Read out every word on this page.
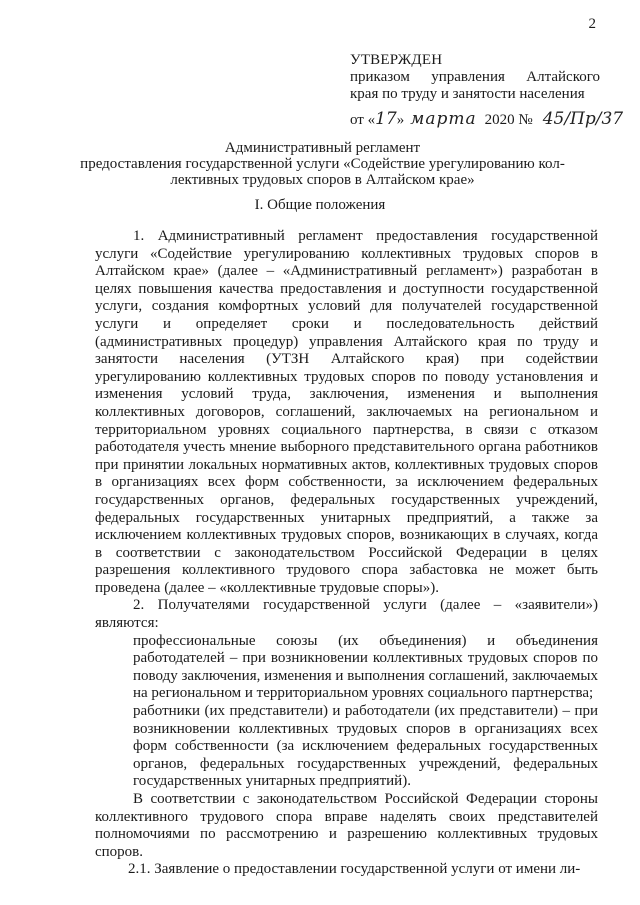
2
УТВЕРЖДЕН
приказом управления Алтайского
края по труду и занятости населения
от « 17 » марта 2020 № 45/Пр/37
Административный регламент
предоставления государственной услуги «Содействие урегулированию кол-
лективных трудовых споров в Алтайском крае»
I. Общие положения

1. Административный регламент предоставления государственной услуги «Содействие урегулированию коллективных трудовых споров в Алтайском крае» (далее – «Административный регламент») разработан в целях повышения качества предоставления и доступности государственной услуги, создания комфортных условий для получателей государственной услуги и определяет сроки и последовательность действий (административных процедур) управления Алтайского края по труду и занятости населения (УТЗН Алтайского края) при содействии урегулированию коллективных трудовых споров по поводу установления и изменения условий труда, заключения, изменения и выполнения коллективных договоров, соглашений, заключаемых на региональном и территориальном уровнях социального партнерства, в связи с отказом работодателя учесть мнение выборного представительного органа работников при принятии локальных нормативных актов, коллективных трудовых споров в организациях всех форм собственности, за исключением федеральных государственных органов, федеральных государственных учреждений, федеральных государственных унитарных предприятий, а также за исключением коллективных трудовых споров, возникающих в случаях, когда в соответствии с законодательством Российской Федерации в целях разрешения коллективного трудового спора забастовка не может быть проведена (далее – «коллективные трудовые споры»).

2. Получателями государственной услуги (далее – «заявители») являются:

профессиональные союзы (их объединения) и объединения работодателей – при возникновении коллективных трудовых споров по поводу заключения, изменения и выполнения соглашений, заключаемых на региональном и территориальном уровнях социального партнерства;

работники (их представители) и работодатели (их представители) – при возникновении коллективных трудовых споров в организациях всех форм собственности (за исключением федеральных государственных органов, федеральных государственных учреждений, федеральных государственных унитарных предприятий).

В соответствии с законодательством Российской Федерации стороны коллективного трудового спора вправе наделять своих представителей полномочиями по рассмотрению и разрешению коллективных трудовых споров.

2.1. Заявление о предоставлении государственной услуги от имени ли-
